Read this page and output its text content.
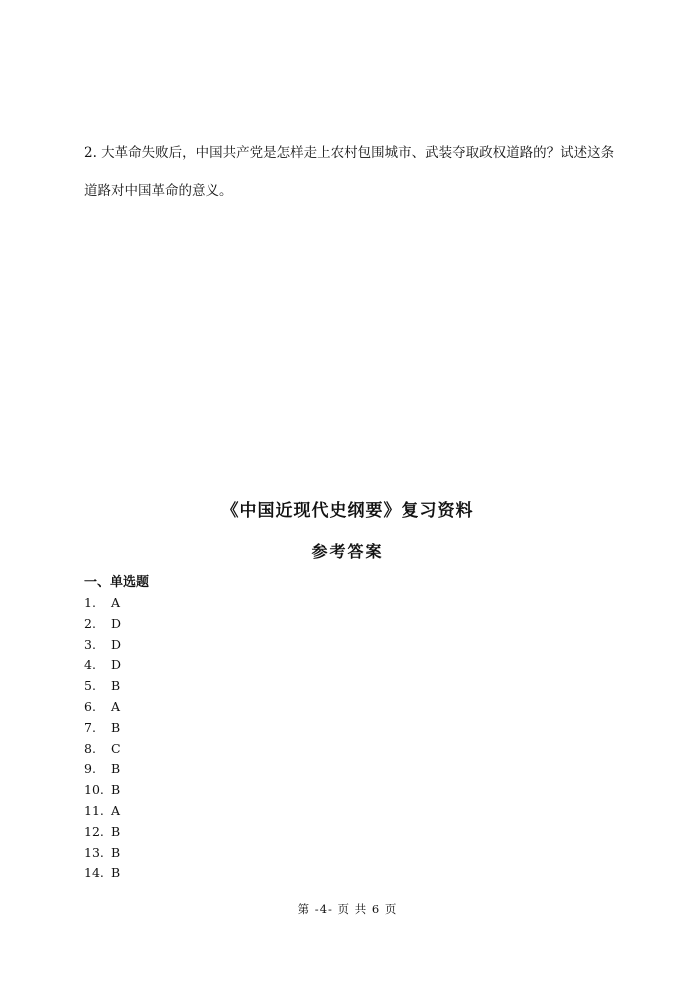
2. 大革命失败后，中国共产党是怎样走上农村包围城市、武装夺取政权道路的？试述这条
道路对中国革命的意义。
《中国近现代史纲要》复习资料
参考答案
一、单选题
1. A
2. D
3. D
4. D
5. B
6. A
7. B
8. C
9. B
10. B
11. A
12. B
13. B
14. B

第 -4- 页 共 6 页
